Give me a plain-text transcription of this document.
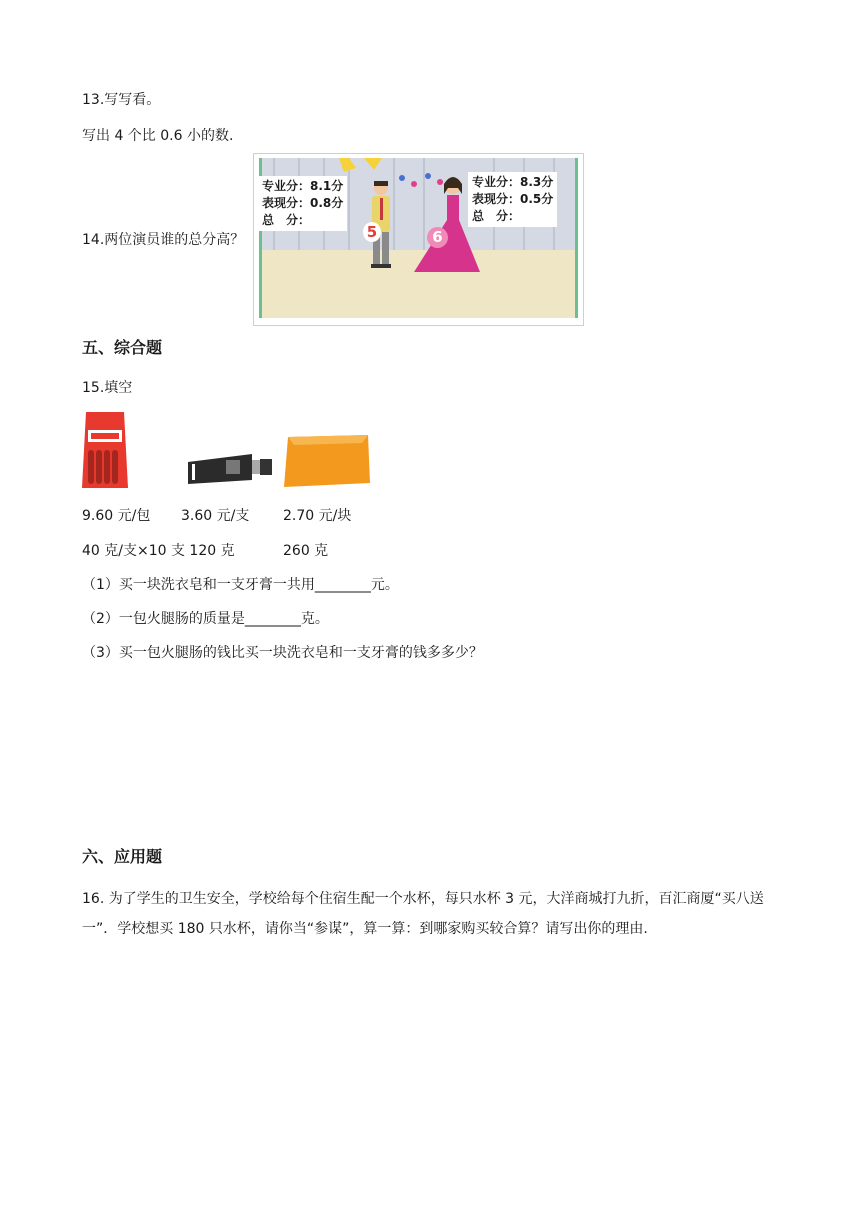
13.写写看。
写出 4 个比 0.6 小的数.
14.两位演员谁的总分高？
专业分：8.1分
表现分：0.8分
总　分：
5
专业分：8.3分
表现分：0.5分
总　分：
6
五、综合题
15.填空
9.60 元/包 3.60 元/支 2.70 元/块
40 克/支×10 支 120 克	260 克
（1）买一块洗衣皂和一支牙膏一共用________元。
（2）一包火腿肠的质量是________克。
（3）买一包火腿肠的钱比买一块洗衣皂和一支牙膏的钱多多少？
六、应用题
16. 为了学生的卫生安全，学校给每个住宿生配一个水杯，每只水杯 3 元，大洋商城打九折，百汇商厦“买八送一”．学校想买 180 只水杯，请你当“参谋”，算一算：到哪家购买较合算？请写出你的理由.
